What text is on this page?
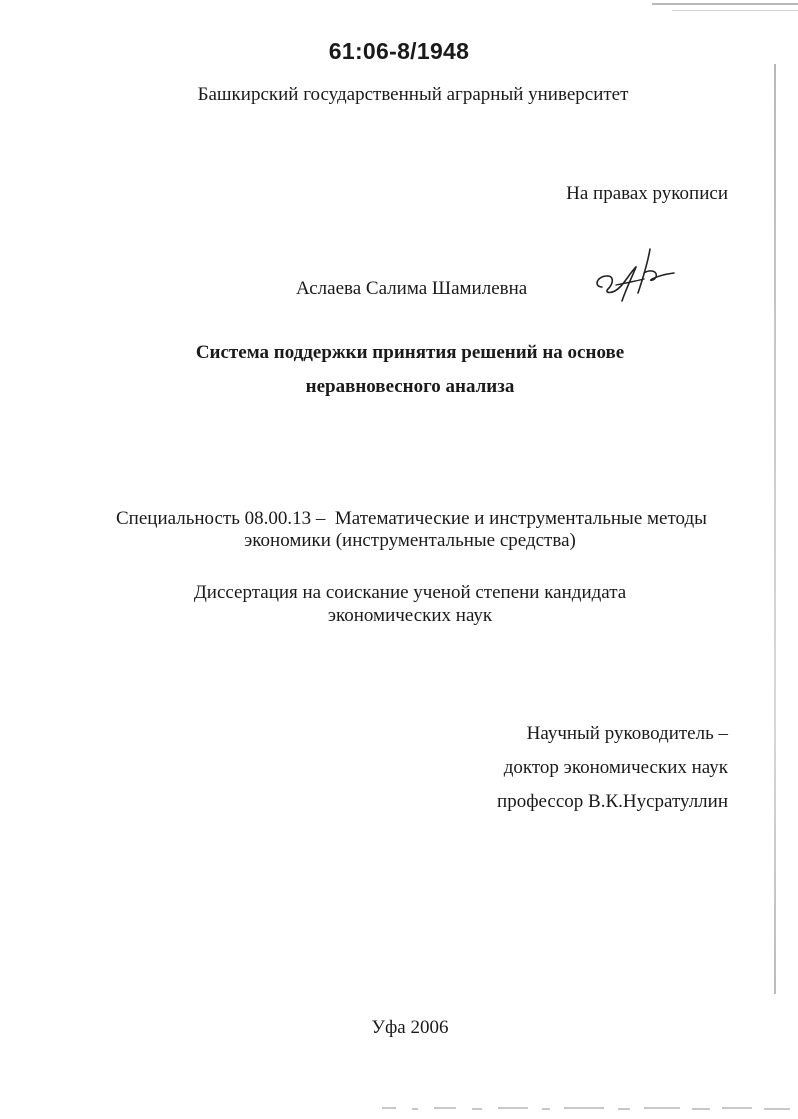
61:06-8/1948
Башкирский государственный аграрный университет
На правах рукописи
Аслаева Салима Шамилевна
Система поддержки принятия решений на основе
неравновесного анализа
Специальность 08.00.13 –  Математические и инструментальные методы
экономики (инструментальные средства)
Диссертация на соискание ученой степени кандидата
экономических наук
Научный руководитель –
доктор экономических наук
профессор В.К.Нусратуллин
Уфа 2006
